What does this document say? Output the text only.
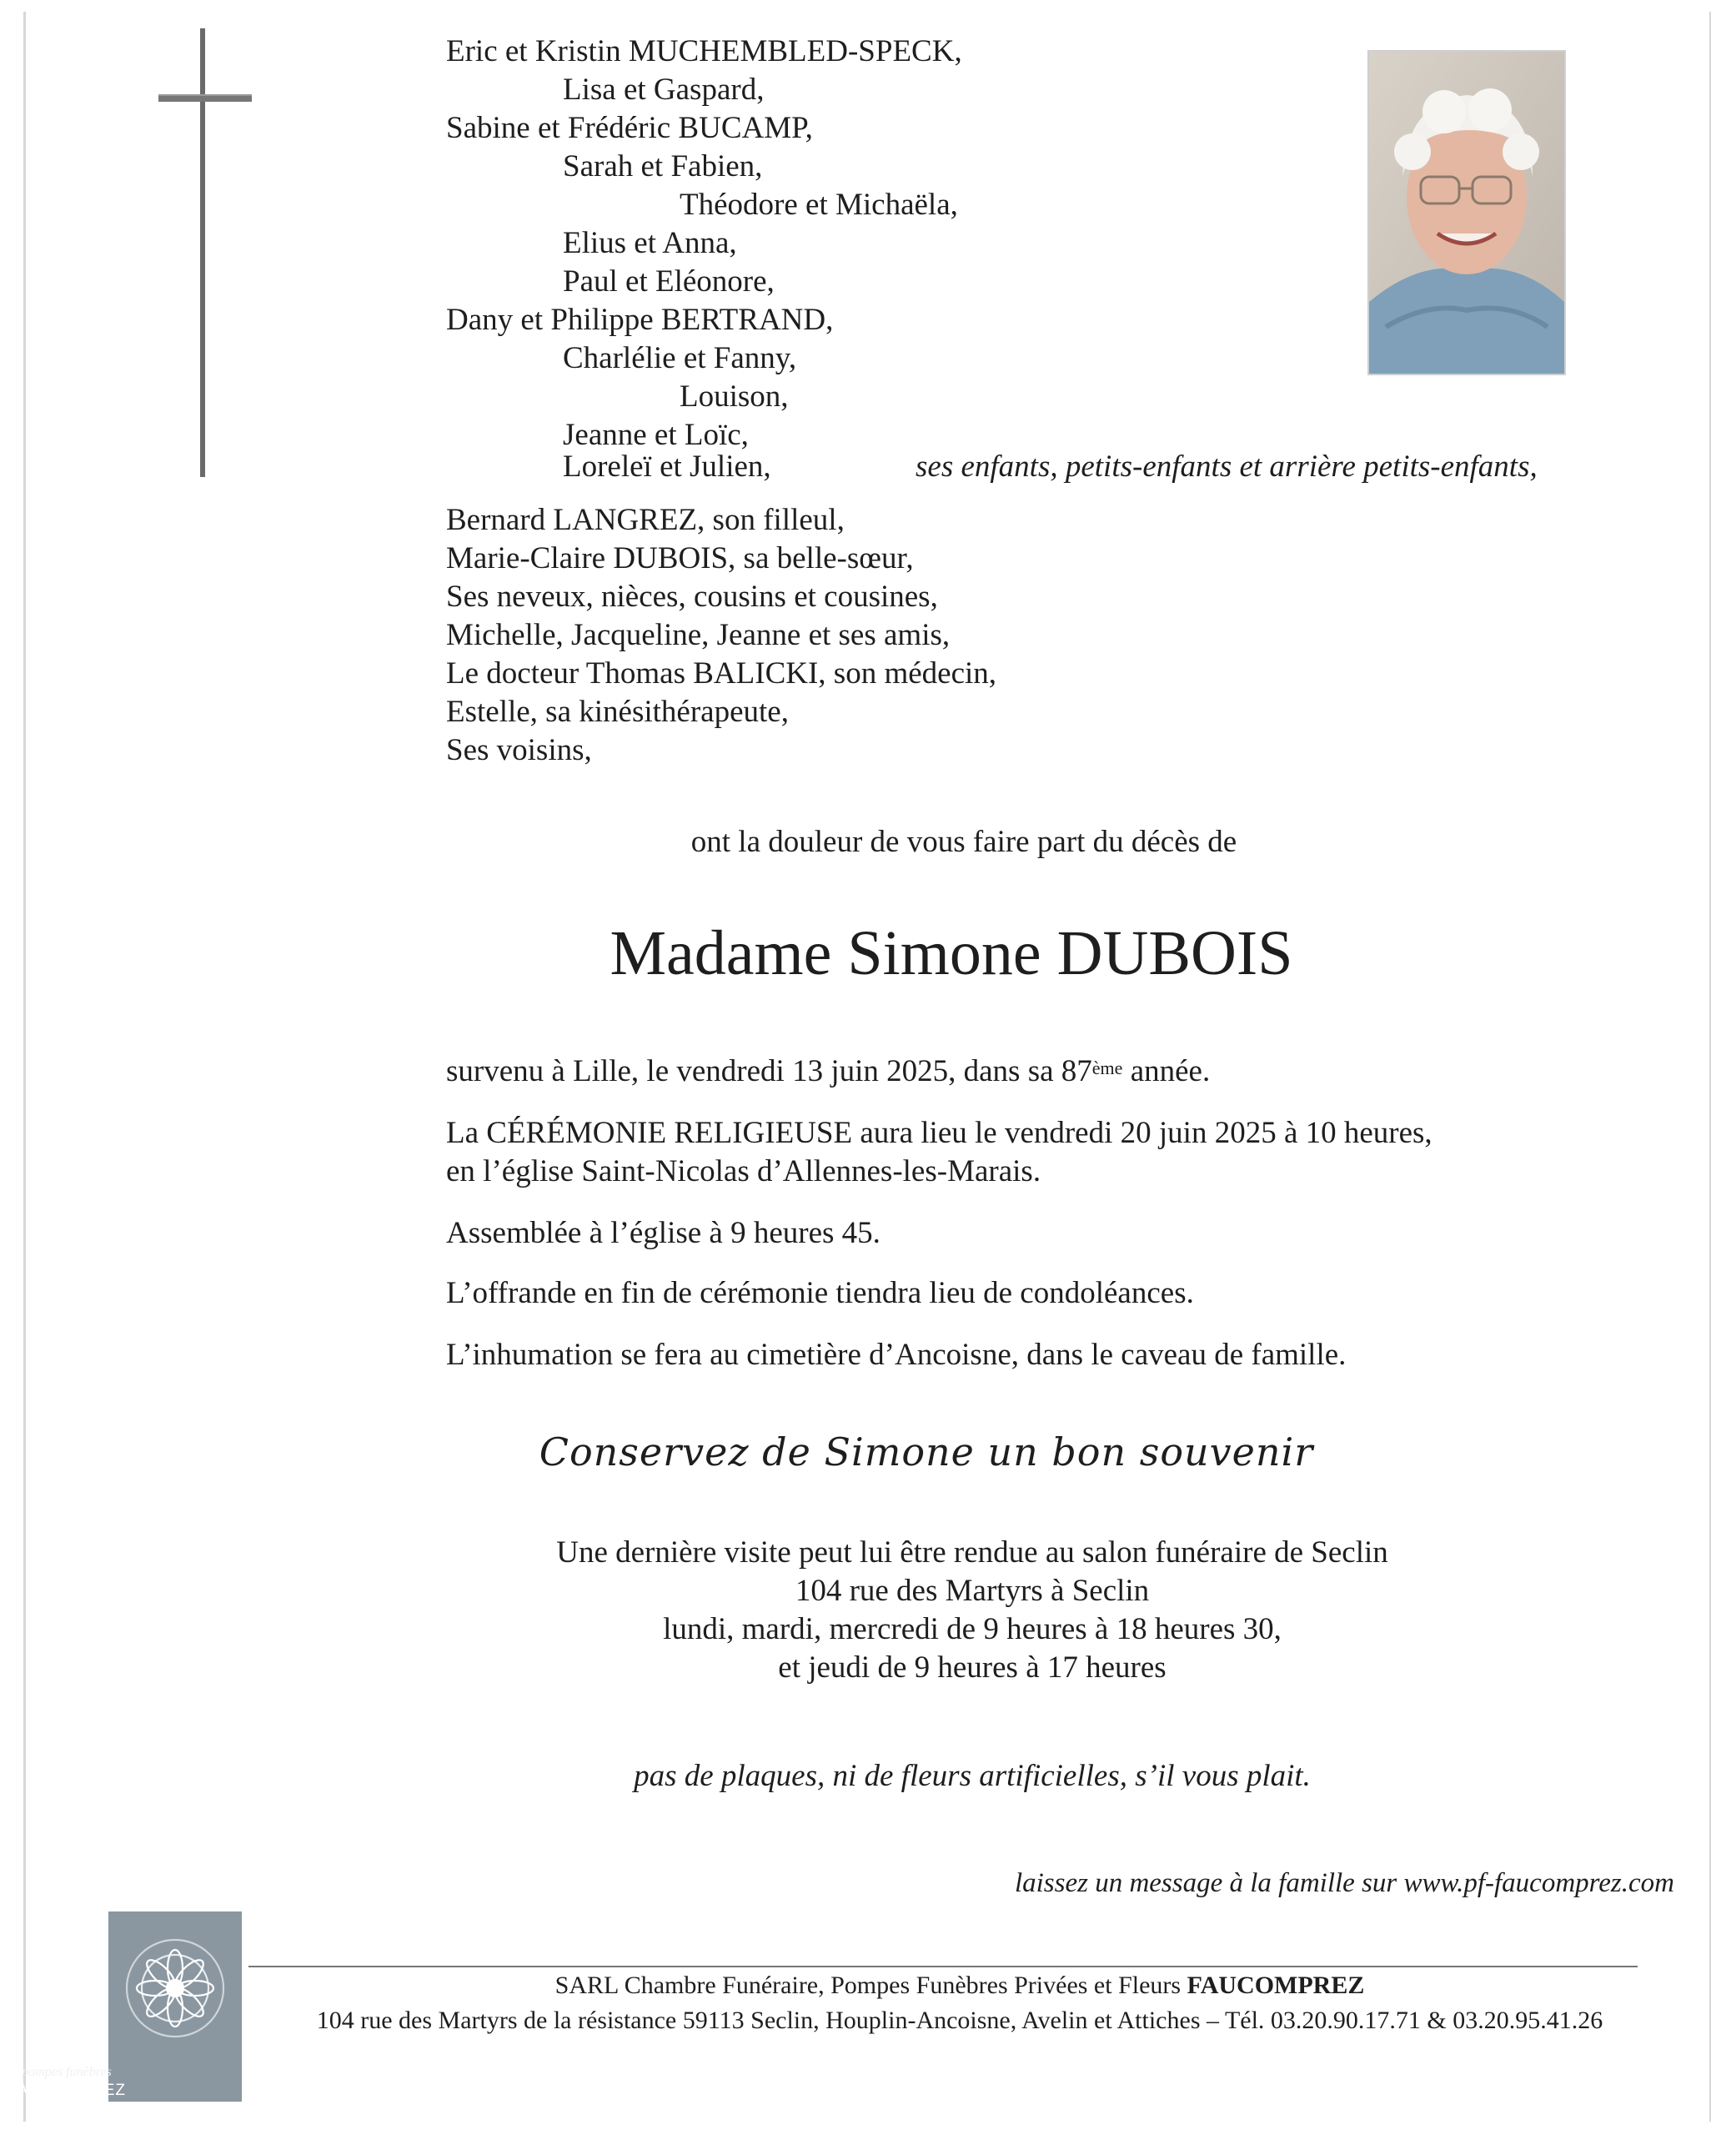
Eric et Kristin MUCHEMBLED-SPECK,
Lisa et Gaspard,
Sabine et Frédéric BUCAMP,
Sarah et Fabien,
Théodore et Michaëla,
Elius et Anna,
Paul et Eléonore,
Dany et Philippe BERTRAND,
Charlélie et Fanny,
Louison,
Jeanne et Loïc,
Loreleï et Julien,	ses enfants, petits-enfants et arrière petits-enfants,
Bernard LANGREZ, son filleul,
Marie-Claire DUBOIS, sa belle-sœur,
Ses neveux, nièces, cousins et cousines,
Michelle, Jacqueline, Jeanne et ses amis,
Le docteur Thomas BALICKI, son médecin,
Estelle, sa kinésithérapeute,
Ses voisins,
ont la douleur de vous faire part du décès de
Madame Simone DUBOIS
survenu à Lille, le vendredi 13 juin 2025, dans sa 87ème année.
La CÉRÉMONIE RELIGIEUSE aura lieu le vendredi 20 juin 2025 à 10 heures,
en l’église Saint-Nicolas d’Allennes-les-Marais.
Assemblée à l’église à 9 heures 45.
L’offrande en fin de cérémonie tiendra lieu de condoléances.
L’inhumation se fera au cimetière d’Ancoisne, dans le caveau de famille.
Conservez de Simone un bon souvenir
Une dernière visite peut lui être rendue au salon funéraire de Seclin
104 rue des Martyrs à Seclin
lundi, mardi, mercredi de 9 heures à 18 heures 30,
et jeudi de 9 heures à 17 heures
pas de plaques, ni de fleurs artificielles, s’il vous plait.
laissez un message à la famille sur www.pf-faucomprez.com
pompes funèbres
FAUCOMPREZ
SARL Chambre Funéraire, Pompes Funèbres Privées et Fleurs FAUCOMPREZ
104 rue des Martyrs de la résistance 59113 Seclin, Houplin-Ancoisne, Avelin et Attiches – Tél. 03.20.90.17.71 & 03.20.95.41.26
